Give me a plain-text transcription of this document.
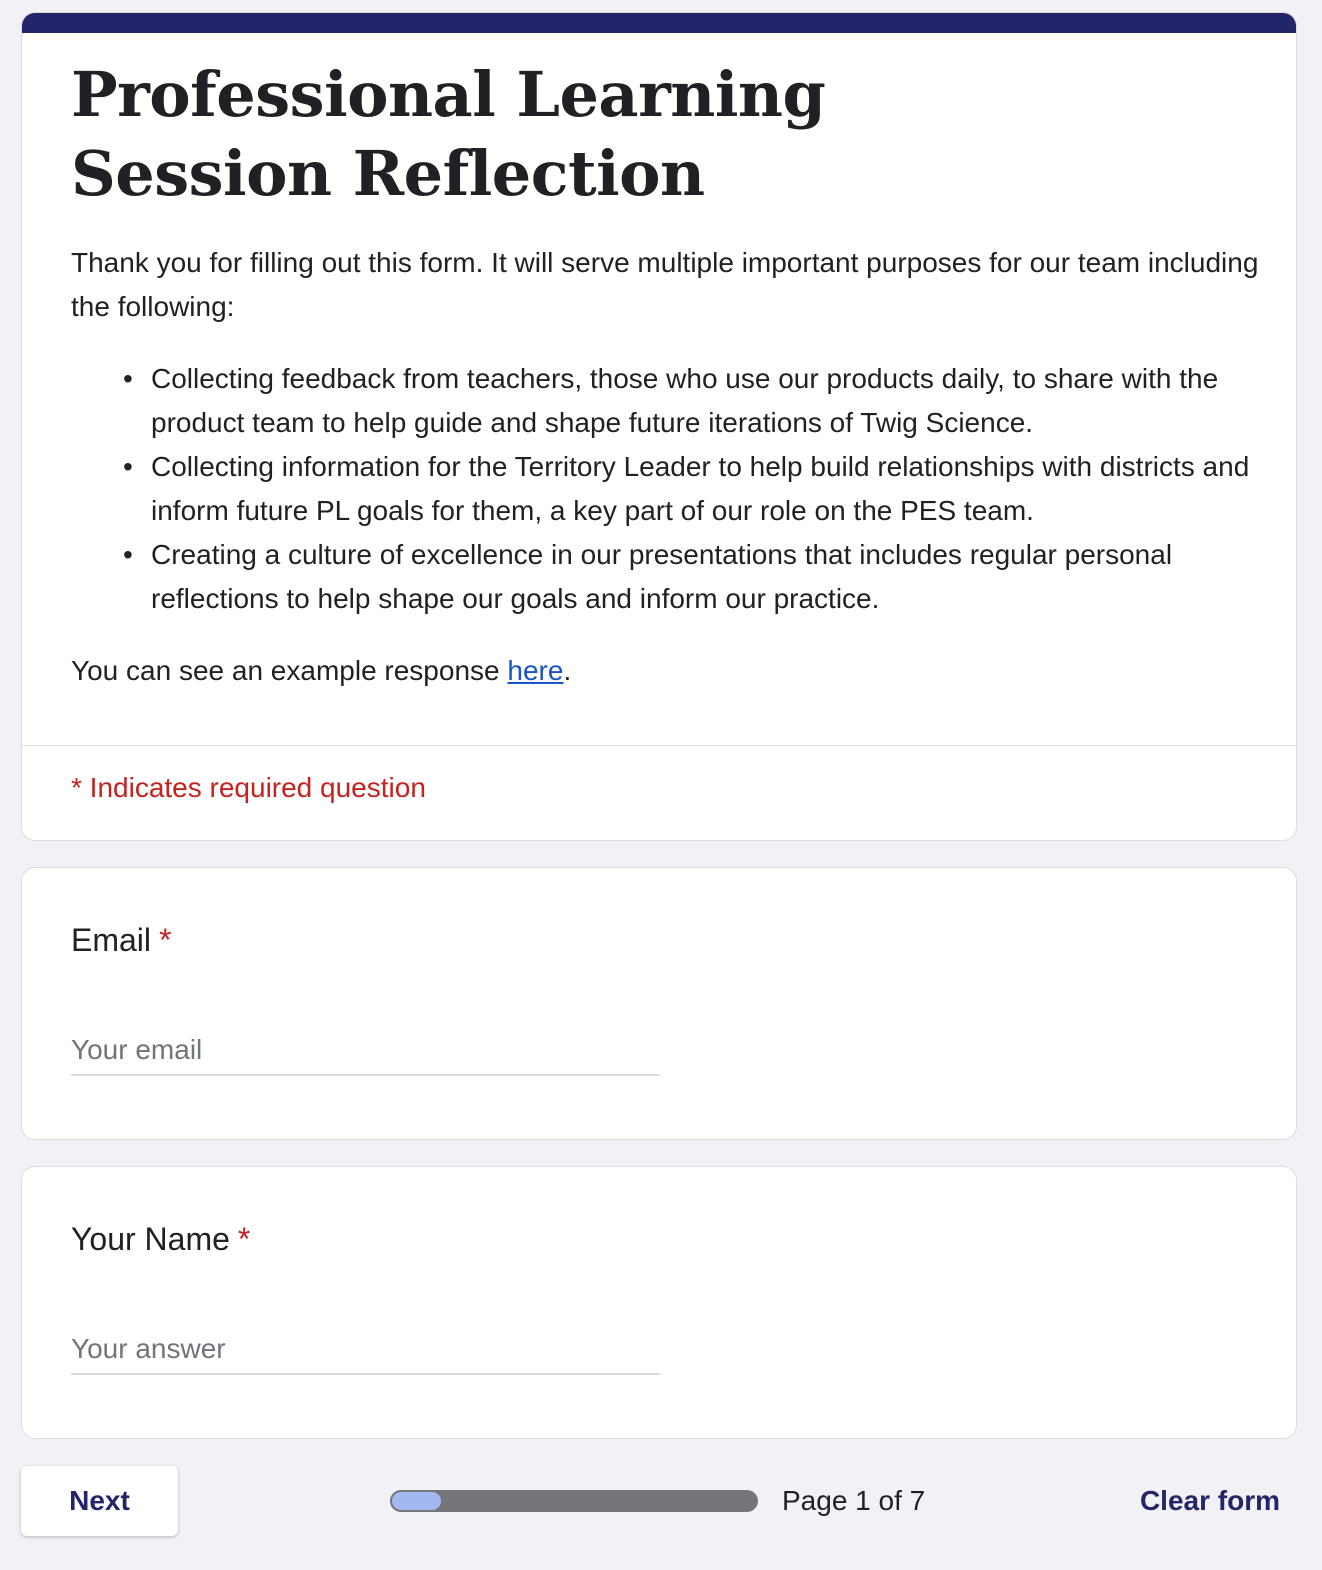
Professional Learning Session Reflection

Thank you for filling out this form. It will serve multiple important purposes for our team including the following:

• Collecting feedback from teachers, those who use our products daily, to share with the product team to help guide and shape future iterations of Twig Science.
• Collecting information for the Territory Leader to help build relationships with districts and inform future PL goals for them, a key part of our role on the PES team.
• Creating a culture of excellence in our presentations that includes regular personal reflections to help shape our goals and inform our practice.

You can see an example response here.

* Indicates required question
Email *
Your email
Your Name *
Your answer
Next	Page 1 of 7	Clear form
